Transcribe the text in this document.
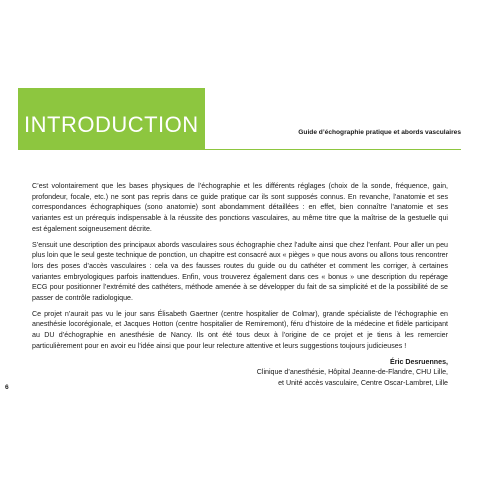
INTRODUCTION	Guide d’échographie pratique et abords vasculaires

C’est volontairement que les bases physiques de l’échographie et les différents réglages (choix de la sonde, fréquence, gain, profondeur, focale, etc.) ne sont pas repris dans ce guide pratique car ils sont supposés connus. En revanche, l’anatomie et ses correspondances échographiques (sono anatomie) sont abondamment détaillées : en effet, bien connaître l’anatomie et ses variantes est un prérequis indispensable à la réussite des ponctions vasculaires, au même titre que la maîtrise de la gestuelle qui est également soigneusement décrite.

S’ensuit une description des principaux abords vasculaires sous échographie chez l’adulte ainsi que chez l’enfant. Pour aller un peu plus loin que le seul geste technique de ponction, un chapitre est consacré aux « pièges » que nous avons ou allons tous rencontrer lors des poses d’accès vasculaires : cela va des fausses routes du guide ou du cathéter et comment les corriger, à certaines variantes embryologiques parfois inattendues. Enfin, vous trouverez également dans ces « bonus » une description du repérage ECG pour positionner l’extrémité des cathéters, méthode amenée à se développer du fait de sa simplicité et de la possibilité de se passer de contrôle radiologique.

Ce projet n’aurait pas vu le jour sans Élisabeth Gaertner (centre hospitalier de Colmar), grande spécialiste de l’échographie en anesthésie locorégionale, et Jacques Hotton (centre hospitalier de Remiremont), féru d’histoire de la médecine et fidèle participant au DU d’échographie en anesthésie de Nancy. Ils ont été tous deux à l’origine de ce projet et je tiens à les remercier particulièrement pour en avoir eu l’idée ainsi que pour leur relecture attentive et leurs suggestions toujours judicieuses !

Éric Desruennes,
Clinique d’anesthésie, Hôpital Jeanne-de-Flandre, CHU Lille,
et Unité accès vasculaire, Centre Oscar-Lambret, Lille
6
